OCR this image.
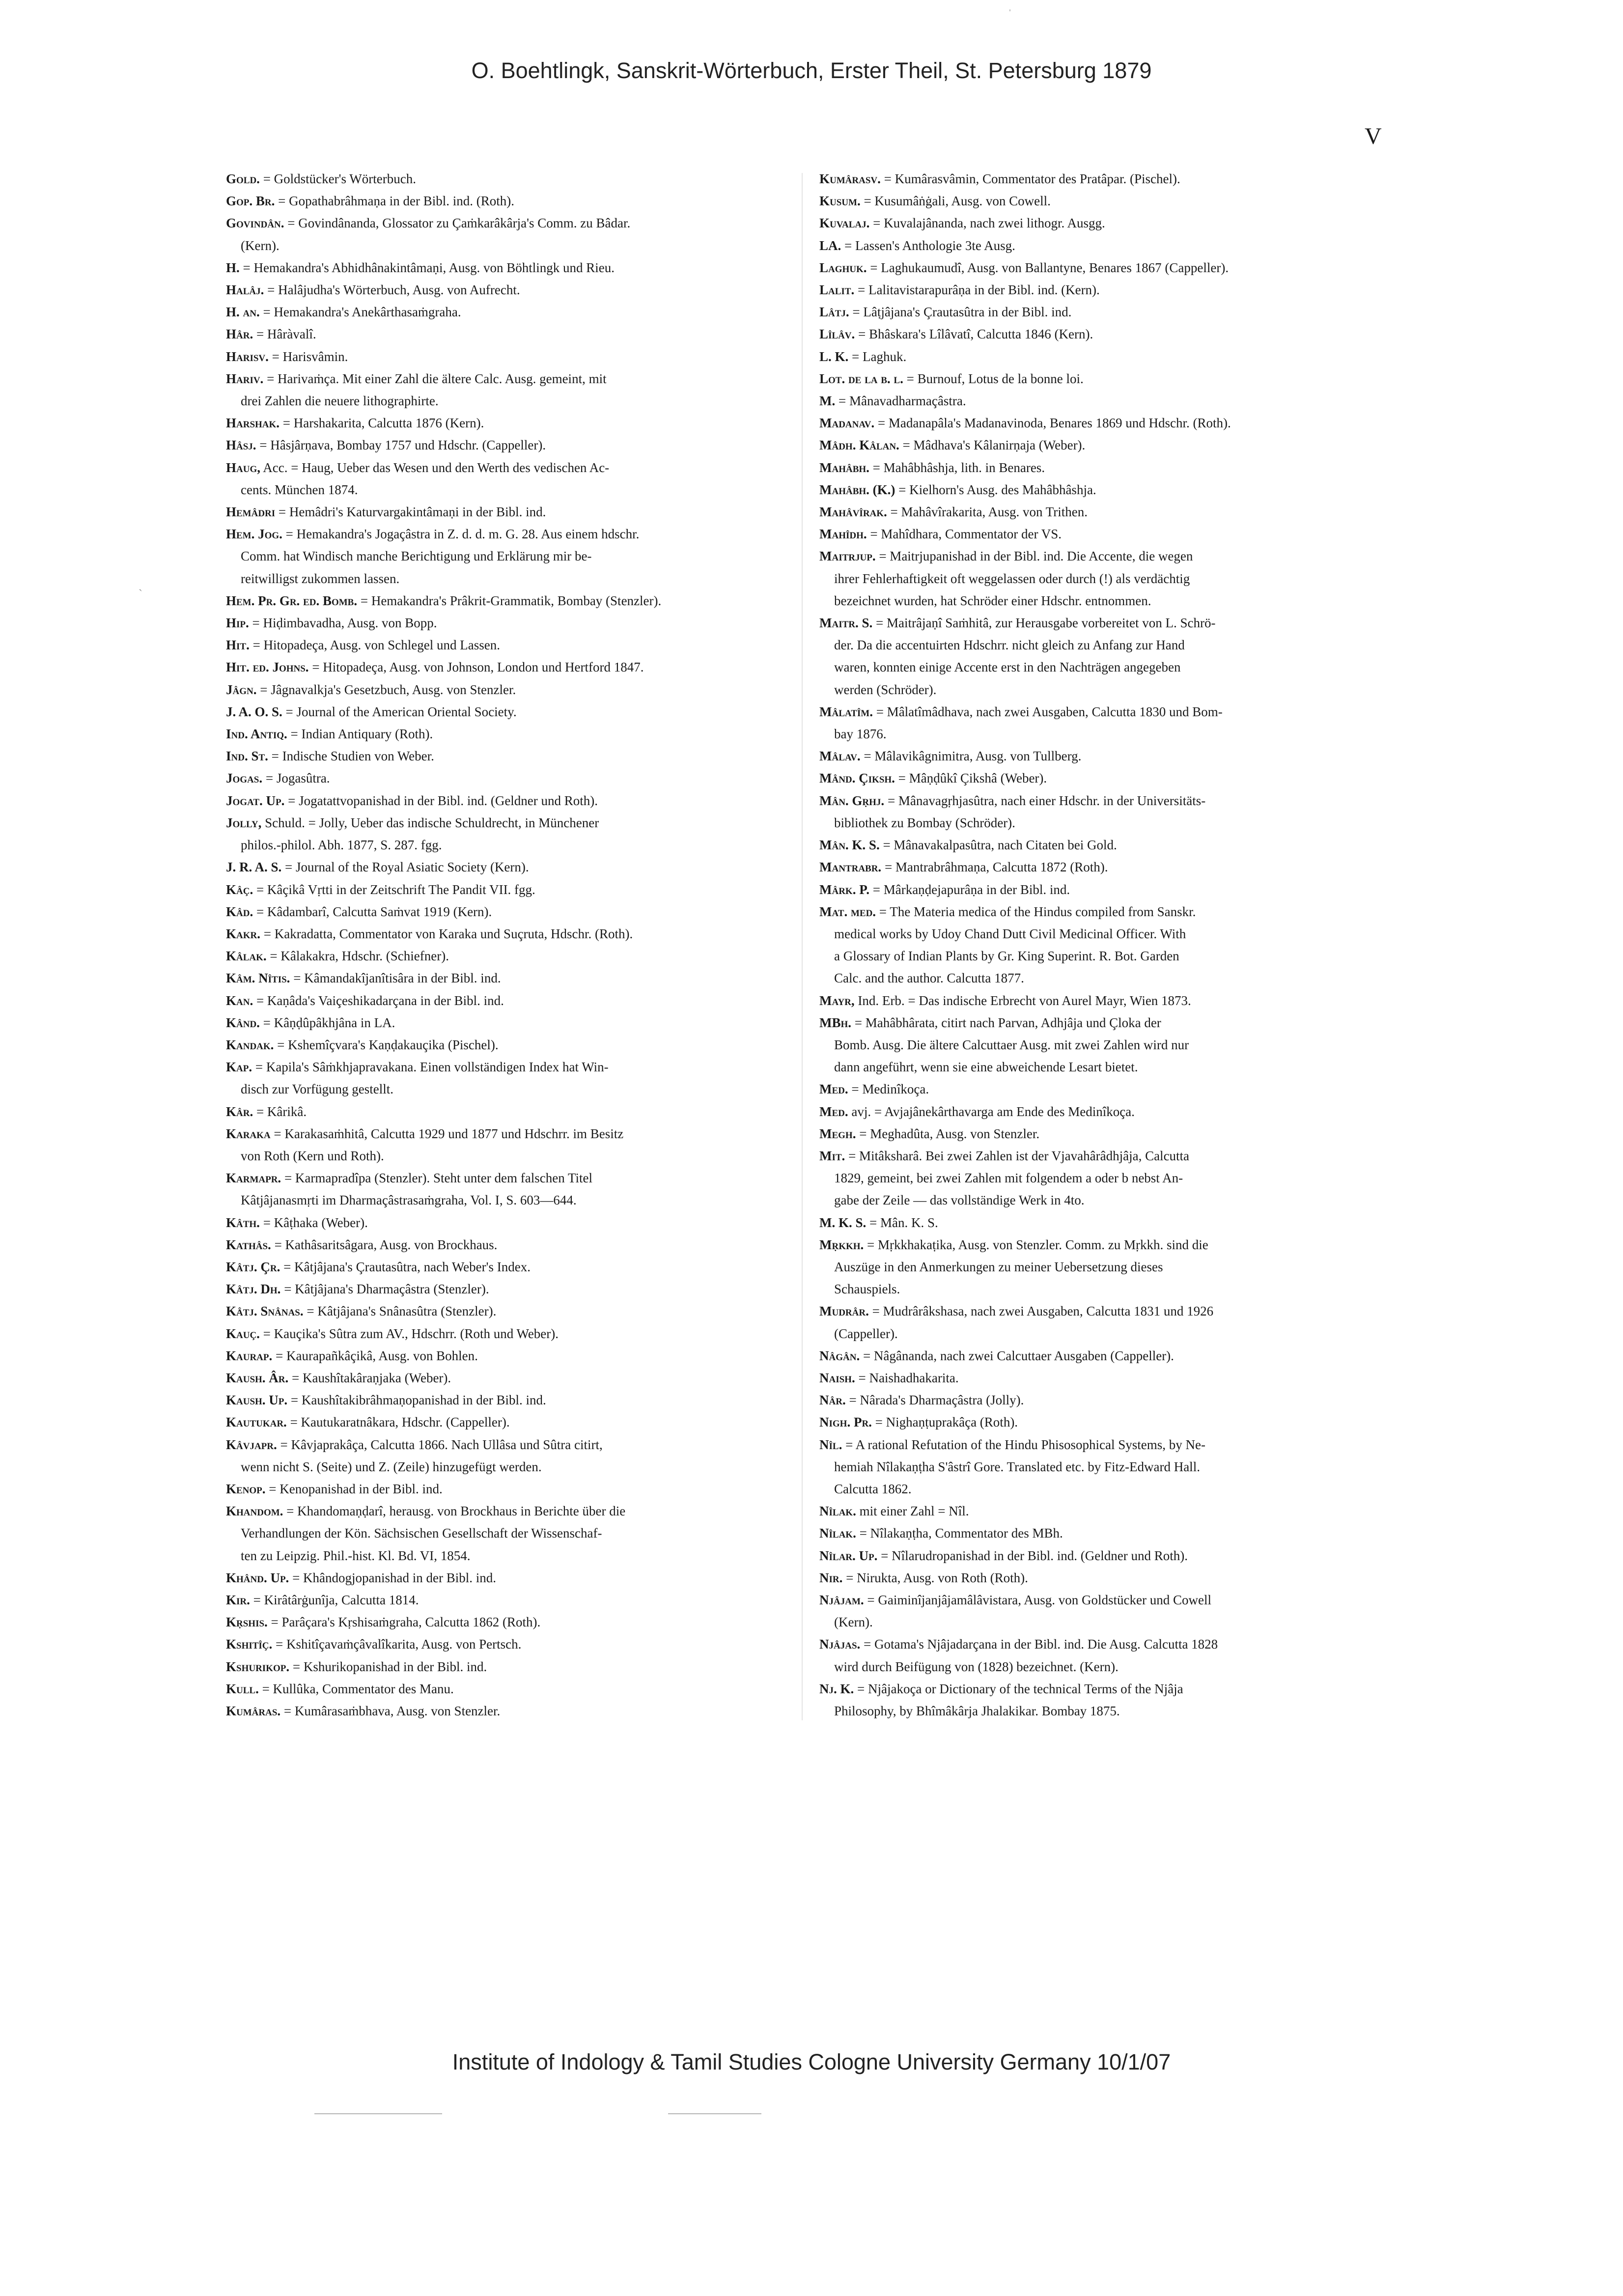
O. Boehtlingk, Sanskrit-Wörterbuch, Erster Theil, St. Petersburg 1879
V

Gold. = Goldstücker's Wörterbuch.

Gop. Br. = Gopathabrâhmaṇa in der Bibl. ind. (Roth).

Govindân. = Govindânanda, Glossator zu Çaṁkarâkârja's Comm. zu Bâdar.
(Kern).

H. = Hemakandra's Abhidhânakintâmaṇi, Ausg. von Böhtlingk und Rieu.

Halâj. = Halâjudha's Wörterbuch, Ausg. von Aufrecht.

H. an. = Hemakandra's Anekârthasaṁgraha.

Hâr. = Hâràvalî.

Harisv. = Harisvâmin.

Hariv. = Harivaṁça. Mit einer Zahl die ältere Calc. Ausg. gemeint, mit
drei Zahlen die neuere lithographirte.

Harshak. = Harshakarita, Calcutta 1876 (Kern).

Hâsj. = Hâsjârṇava, Bombay 1757 und Hdschr. (Cappeller).

Haug, Acc. = Haug, Ueber das Wesen und den Werth des vedischen Ac-
cents. München 1874.

Hemâdri = Hemâdri's Katurvargakintâmaṇi in der Bibl. ind.

Hem. Jog. = Hemakandra's Jogaçâstra in Z. d. d. m. G. 28. Aus einem hdschr.
Comm. hat Windisch manche Berichtigung und Erklärung mir be-
reitwilligst zukommen lassen.

Hem. Pr. Gr. ed. Bomb. = Hemakandra's Prâkrit-Grammatik, Bombay (Stenzler).

Hip. = Hiḍimbavadha, Ausg. von Bopp.

Hit. = Hitopadeça, Ausg. von Schlegel und Lassen.

Hit. ed. Johns. = Hitopadeça, Ausg. von Johnson, London und Hertford 1847.

Jâgn. = Jâgnavalkja's Gesetzbuch, Ausg. von Stenzler.

J. A. O. S. = Journal of the American Oriental Society.

Ind. Antiq. = Indian Antiquary (Roth).

Ind. St. = Indische Studien von Weber.

Jogas. = Jogasûtra.

Jogat. Up. = Jogatattvopanishad in der Bibl. ind. (Geldner und Roth).

Jolly, Schuld. = Jolly, Ueber das indische Schuldrecht, in Münchener
philos.-philol. Abh. 1877, S. 287. fgg.

J. R. A. S. = Journal of the Royal Asiatic Society (Kern).

Kâç. = Kâçikâ Vṛtti in der Zeitschrift The Pandit VII. fgg.

Kâd. = Kâdambarî, Calcutta Saṁvat 1919 (Kern).

Kakr. = Kakradatta, Commentator von Karaka und Suçruta, Hdschr. (Roth).

Kâlak. = Kâlakakra, Hdschr. (Schiefner).

Kâm. Nîtis. = Kâmandakîjanîtisâra in der Bibl. ind.

Kan. = Kaṇâda's Vaiçeshikadarçana in der Bibl. ind.

Kând. = Kâṇḍûpâkhjâna in LA.

Kandak. = Kshemîçvara's Kaṇḍakauçika (Pischel).

Kap. = Kapila's Sâṁkhjapravakana. Einen vollständigen Index hat Win-
disch zur Vorfügung gestellt.

Kâr. = Kârikâ.

Karaka = Karakasaṁhitâ, Calcutta 1929 und 1877 und Hdschrr. im Besitz
von Roth (Kern und Roth).

Karmapr. = Karmapradîpa (Stenzler). Steht unter dem falschen Titel
Kâtjâjanasmṛti im Dharmaçâstrasaṁgraha, Vol. I, S. 603—644.

Kâth. = Kâṭhaka (Weber).

Kathâs. = Kathâsaritsâgara, Ausg. von Brockhaus.

Kâtj. Çr. = Kâtjâjana's Çrautasûtra, nach Weber's Index.

Kâtj. Dh. = Kâtjâjana's Dharmaçâstra (Stenzler).

Kâtj. Snânas. = Kâtjâjana's Snânasûtra (Stenzler).

Kauç. = Kauçika's Sûtra zum AV., Hdschrr. (Roth und Weber).

Kaurap. = Kaurapañkâçikâ, Ausg. von Bohlen.

Kaush. Âr. = Kaushîtakâraṇjaka (Weber).

Kaush. Up. = Kaushîtakibrâhmaṇopanishad in der Bibl. ind.

Kautukar. = Kautukaratnâkara, Hdschr. (Cappeller).

Kâvjapr. = Kâvjaprakâça, Calcutta 1866. Nach Ullâsa und Sûtra citirt,
wenn nicht S. (Seite) und Z. (Zeile) hinzugefügt werden.

Kenop. = Kenopanishad in der Bibl. ind.

Khandom. = Khandomaṇḍarî, herausg. von Brockhaus in Berichte über die
Verhandlungen der Kön. Sächsischen Gesellschaft der Wissenschaf-
ten zu Leipzig. Phil.-hist. Kl. Bd. VI, 1854.

Khând. Up. = Khândogjopanishad in der Bibl. ind.

Kir. = Kirâtârġunîja, Calcutta 1814.

Kṛshis. = Parâçara's Kṛshisaṁgraha, Calcutta 1862 (Roth).

Kshitîç. = Kshitîçavaṁçâvalîkarita, Ausg. von Pertsch.

Kshurikop. = Kshurikopanishad in der Bibl. ind.

Kull. = Kullûka, Commentator des Manu.

Kumâras. = Kumârasaṁbhava, Ausg. von Stenzler.

Kumârasv. = Kumârasvâmin, Commentator des Pratâpar. (Pischel).

Kusum. = Kusumâṅġali, Ausg. von Cowell.

Kuvalaj. = Kuvalajânanda, nach zwei lithogr. Ausgg.

LA. = Lassen's Anthologie 3te Ausg.

Laghuk. = Laghukaumudî, Ausg. von Ballantyne, Benares 1867 (Cappeller).

Lalit. = Lalitavistarapurâṇa in der Bibl. ind. (Kern).

Lâtj. = Lâṭjâjana's Çrautasûtra in der Bibl. ind.

Lîlâv. = Bhâskara's Lîlâvatî, Calcutta 1846 (Kern).

L. K. = Laghuk.

Lot. de la b. l. = Burnouf, Lotus de la bonne loi.

M. = Mânavadharmaçâstra.

Madanav. = Madanapâla's Madanavinoda, Benares 1869 und Hdschr. (Roth).

Mâdh. Kâlan. = Mâdhava's Kâlanirṇaja (Weber).

Mahâbh. = Mahâbhâshja, lith. in Benares.

Mahâbh. (K.) = Kielhorn's Ausg. des Mahâbhâshja.

Mahâvîrak. = Mahâvîrakarita, Ausg. von Trithen.

Mahîdh. = Mahîdhara, Commentator der VS.

Maitrjup. = Maitrjupanishad in der Bibl. ind. Die Accente, die wegen
ihrer Fehlerhaftigkeit oft weggelassen oder durch (!) als verdächtig
bezeichnet wurden, hat Schröder einer Hdschr. entnommen.

Maitr. S. = Maitrâjaṇî Saṁhitâ, zur Herausgabe vorbereitet von L. Schrö-
der. Da die accentuirten Hdschrr. nicht gleich zu Anfang zur Hand
waren, konnten einige Accente erst in den Nachträgen angegeben
werden (Schröder).

Mâlatîm. = Mâlatîmâdhava, nach zwei Ausgaben, Calcutta 1830 und Bom-
bay 1876.

Mâlav. = Mâlavikâgnimitra, Ausg. von Tullberg.

Mând. Çiksh. = Mâṇḍûkî Çikshâ (Weber).

Mân. Gṛhj. = Mânavagṛhjasûtra, nach einer Hdschr. in der Universitäts-
bibliothek zu Bombay (Schröder).

Mân. K. S. = Mânavakalpasûtra, nach Citaten bei Gold.

Mantrabr. = Mantrabrâhmaṇa, Calcutta 1872 (Roth).

Mârk. P. = Mârkaṇḍejapurâṇa in der Bibl. ind.

Mat. med. = The Materia medica of the Hindus compiled from Sanskr.
medical works by Udoy Chand Dutt Civil Medicinal Officer. With
a Glossary of Indian Plants by Gr. King Superint. R. Bot. Garden
Calc. and the author. Calcutta 1877.

Mayr, Ind. Erb. = Das indische Erbrecht von Aurel Mayr, Wien 1873.

MBh. = Mahâbhârata, citirt nach Parvan, Adhjâja und Çloka der
Bomb. Ausg. Die ältere Calcuttaer Ausg. mit zwei Zahlen wird nur
dann angeführt, wenn sie eine abweichende Lesart bietet.

Med. = Medinîkoça.

Med. avj. = Avjajânekârthavarga am Ende des Medinîkoça.

Megh. = Meghadûta, Ausg. von Stenzler.

Mit. = Mitâksharâ. Bei zwei Zahlen ist der Vjavahârâdhjâja, Calcutta
1829, gemeint, bei zwei Zahlen mit folgendem a oder b nebst An-
gabe der Zeile — das vollständige Werk in 4to.

M. K. S. = Mân. K. S.

Mṛkkh. = Mṛkkhakaṭika, Ausg. von Stenzler. Comm. zu Mṛkkh. sind die
Auszüge in den Anmerkungen zu meiner Uebersetzung dieses
Schauspiels.

Mudrâr. = Mudrârâkshasa, nach zwei Ausgaben, Calcutta 1831 und 1926
(Cappeller).

Nâgân. = Nâgânanda, nach zwei Calcuttaer Ausgaben (Cappeller).

Naish. = Naishadhakarita.

Nâr. = Nârada's Dharmaçâstra (Jolly).

Nigh. Pr. = Nighaṇṭuprakâça (Roth).

Nîl. = A rational Refutation of the Hindu Phisosophical Systems, by Ne-
hemiah Nîlakaṇṭha S'âstrî Gore. Translated etc. by Fitz-Edward Hall.
Calcutta 1862.

Nîlak. mit einer Zahl = Nîl.

Nîlak. = Nîlakaṇṭha, Commentator des MBh.

Nîlar. Up. = Nîlarudropanishad in der Bibl. ind. (Geldner und Roth).

Nir. = Nirukta, Ausg. von Roth (Roth).

Njâjam. = Gaiminîjanjâjamâlâvistara, Ausg. von Goldstücker und Cowell
(Kern).

Njâjas. = Gotama's Njâjadarçana in der Bibl. ind. Die Ausg. Calcutta 1828
wird durch Beifügung von (1828) bezeichnet. (Kern).

Nj. K. = Njâjakoça or Dictionary of the technical Terms of the Njâja
Philosophy, by Bhîmâkârja Jhalakikar. Bombay 1875.

Institute of Indology & Tamil Studies Cologne University Germany 10/1/07
ˈ
ˏ
